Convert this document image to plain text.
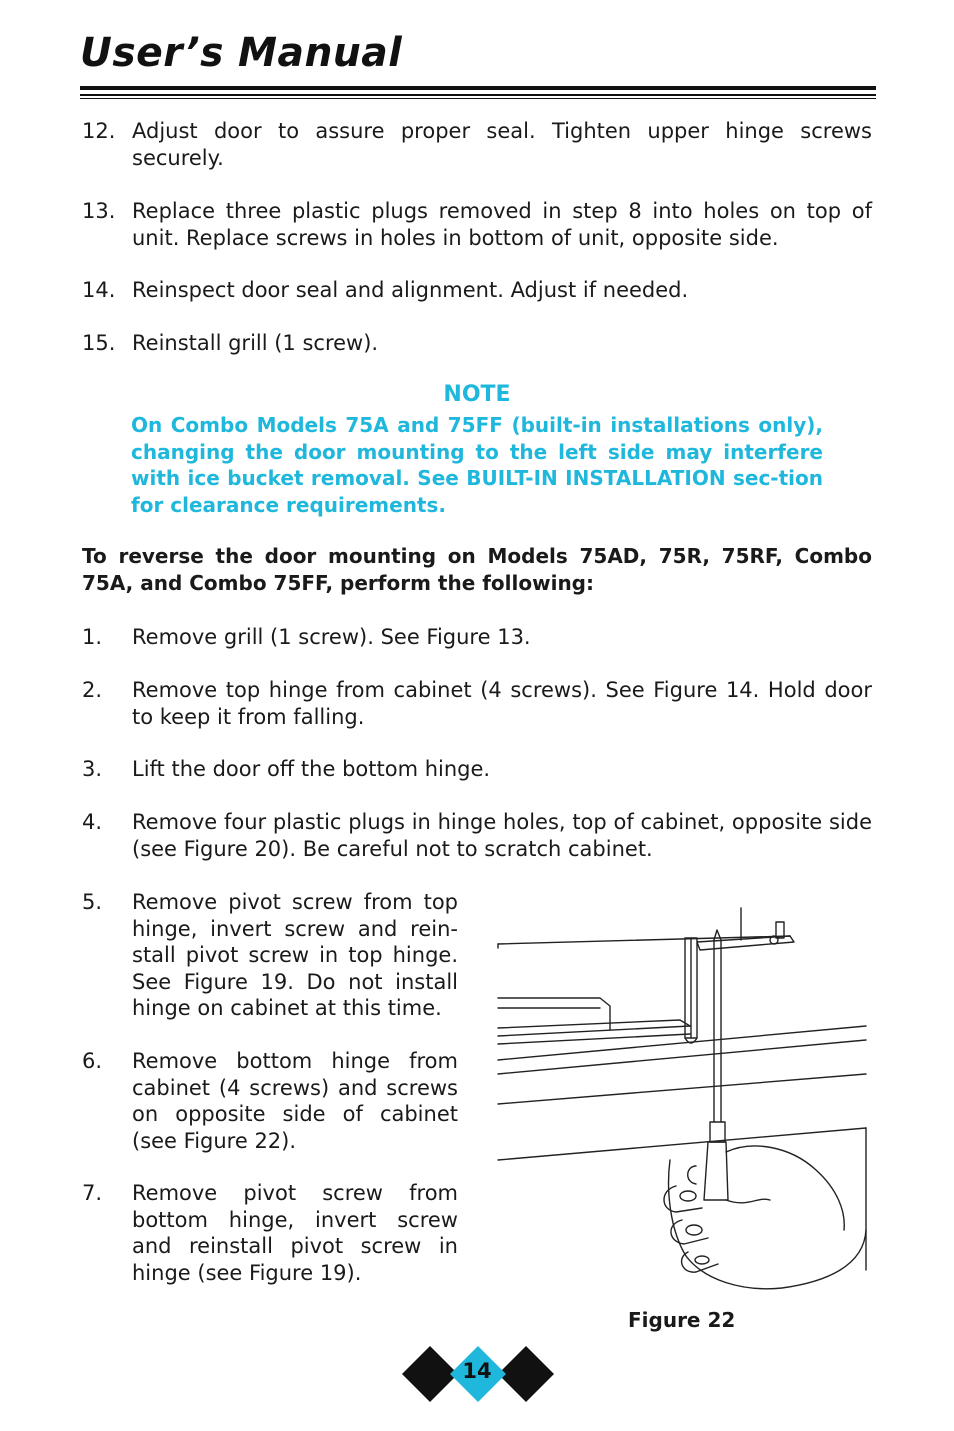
User’s Manual
12. Adjust door to assure proper seal. Tighten upper hinge screws securely.
13. Replace three plastic plugs removed in step 8 into holes on top of unit. Replace screws in holes in bottom of unit, opposite side.
14. Reinspect door seal and alignment. Adjust if needed.
15. Reinstall grill (1 screw).
NOTE
On Combo Models 75A and 75FF (built-in installations only), changing the door mounting to the left side may interfere with ice bucket removal. See BUILT-IN INSTALLATION sec-tion for clearance requirements.
To reverse the door mounting on Models 75AD, 75R, 75RF, Combo 75A, and Combo 75FF, perform the following:
1. Remove grill (1 screw). See Figure 13.
2. Remove top hinge from cabinet (4 screws). See Figure 14. Hold door to keep it from falling.
3. Lift the door off the bottom hinge.
4. Remove four plastic plugs in hinge holes, top of cabinet, opposite side (see Figure 20). Be careful not to scratch cabinet.
5. Remove pivot screw from top hinge, invert screw and rein-stall pivot screw in top hinge. See Figure 19. Do not install hinge on cabinet at this time.
6. Remove bottom hinge from cabinet (4 screws) and screws on opposite side of cabinet (see Figure 22).
7. Remove pivot screw from bottom hinge, invert screw and reinstall pivot screw in hinge (see Figure 19).
Figure 22
14
